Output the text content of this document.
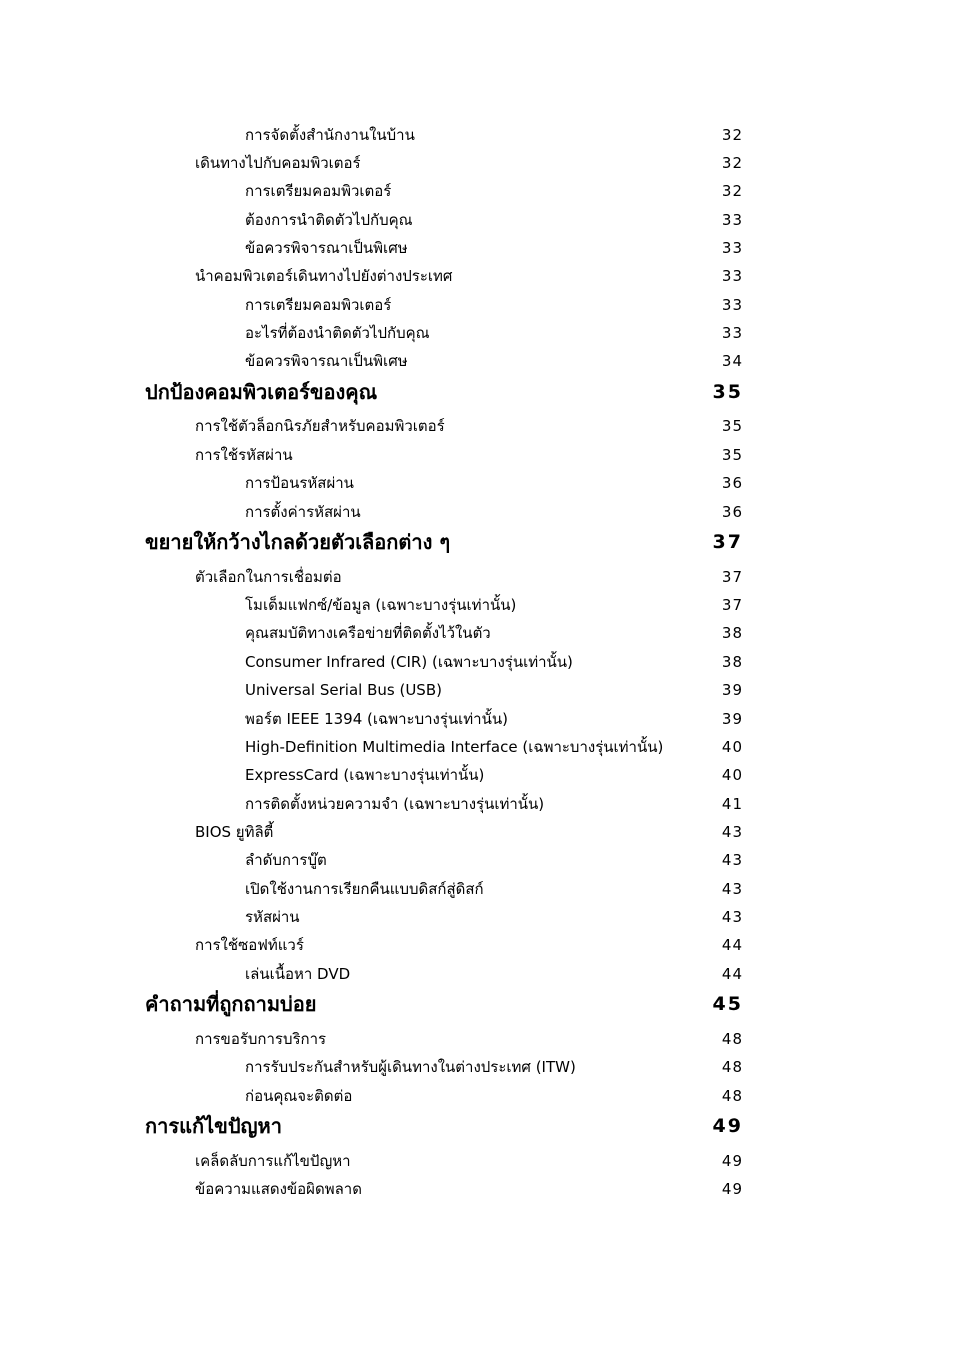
การจัดตั้งสำนักงานในบ้าน	32
เดินทางไปกับคอมพิวเตอร์	32
การเตรียมคอมพิวเตอร์	32
ต้องการนำติดตัวไปกับคุณ	33
ข้อควรพิจารณาเป็นพิเศษ	33
นำคอมพิวเตอร์เดินทางไปยังต่างประเทศ	33
การเตรียมคอมพิวเตอร์	33
อะไรที่ต้องนำติดตัวไปกับคุณ	33
ข้อควรพิจารณาเป็นพิเศษ	34
ปกป้องคอมพิวเตอร์ของคุณ	35
การใช้ตัวล็อกนิรภัยสำหรับคอมพิวเตอร์	35
การใช้รหัสผ่าน	35
การป้อนรหัสผ่าน	36
การตั้งค่ารหัสผ่าน	36
ขยายให้กว้างไกลด้วยตัวเลือกต่าง ๆ	37
ตัวเลือกในการเชื่อมต่อ	37
โมเด็มแฟกซ์/ข้อมูล (เฉพาะบางรุ่นเท่านั้น)	37
คุณสมบัติทางเครือข่ายที่ติดตั้งไว้ในตัว	38
Consumer Infrared (CIR) (เฉพาะบางรุ่นเท่านั้น)	38
Universal Serial Bus (USB)	39
พอร์ต IEEE 1394 (เฉพาะบางรุ่นเท่านั้น)	39
High-Definition Multimedia Interface (เฉพาะบางรุ่นเท่านั้น)	40
ExpressCard (เฉพาะบางรุ่นเท่านั้น)	40
การติดตั้งหน่วยความจำ (เฉพาะบางรุ่นเท่านั้น)	41
BIOS ยูทิลิตี้	43
ลำดับการบู๊ต	43
เปิดใช้งานการเรียกคืนแบบดิสก์สู่ดิสก์	43
รหัสผ่าน	43
การใช้ซอฟท์แวร์	44
เล่นเนื้อหา DVD	44
คำถามที่ถูกถามบ่อย	45
การขอรับการบริการ	48
การรับประกันสำหรับผู้เดินทางในต่างประเทศ (ITW)	48
ก่อนคุณจะติดต่อ	48
การแก้ไขปัญหา	49
เคล็ดลับการแก้ไขปัญหา	49
ข้อความแสดงข้อผิดพลาด	49
